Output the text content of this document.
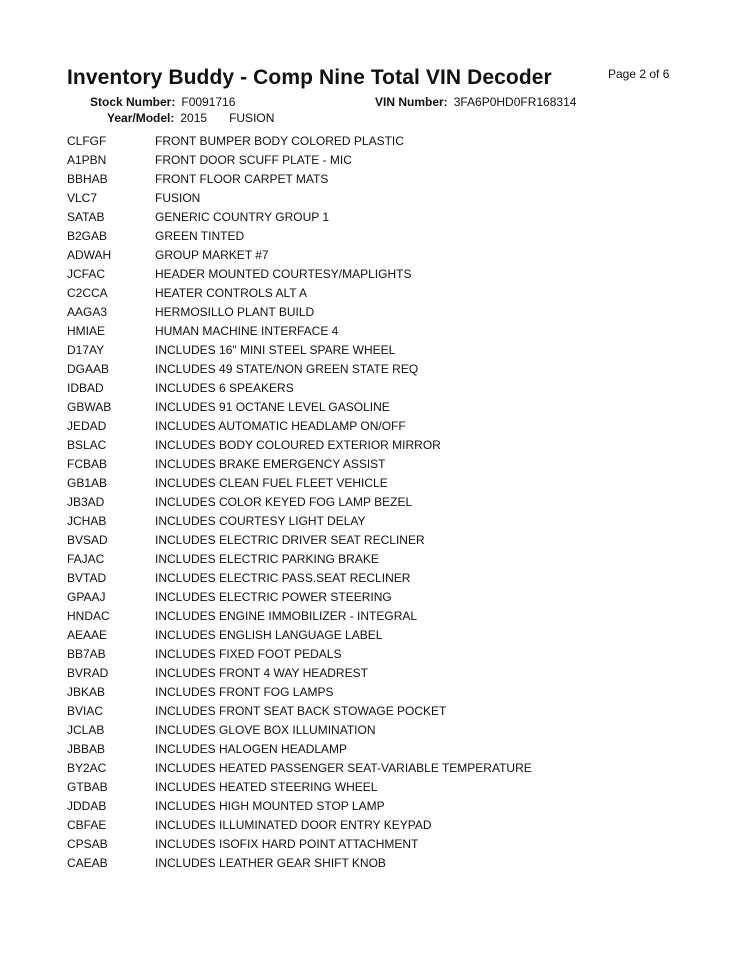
Inventory Buddy - Comp Nine Total VIN Decoder	Page 2 of 6
Stock Number: F0091716	VIN Number: 3FA6P0HD0FR168314
Year/Model: 2015 FUSION
CLFGF	FRONT BUMPER BODY COLORED PLASTIC
A1PBN	FRONT DOOR SCUFF PLATE - MIC
BBHAB	FRONT FLOOR CARPET MATS
VLC7	FUSION
SATAB	GENERIC COUNTRY GROUP 1
B2GAB	GREEN TINTED
ADWAH	GROUP MARKET #7
JCFAC	HEADER MOUNTED COURTESY/MAPLIGHTS
C2CCA	HEATER CONTROLS ALT A
AAGA3	HERMOSILLO PLANT BUILD
HMIAE	HUMAN MACHINE INTERFACE 4
D17AY	INCLUDES 16" MINI STEEL SPARE WHEEL
DGAAB	INCLUDES 49 STATE/NON GREEN STATE REQ
IDBAD	INCLUDES 6 SPEAKERS
GBWAB	INCLUDES 91 OCTANE LEVEL GASOLINE
JEDAD	INCLUDES AUTOMATIC HEADLAMP ON/OFF
BSLAC	INCLUDES BODY COLOURED EXTERIOR MIRROR
FCBAB	INCLUDES BRAKE EMERGENCY ASSIST
GB1AB	INCLUDES CLEAN FUEL FLEET VEHICLE
JB3AD	INCLUDES COLOR KEYED FOG LAMP BEZEL
JCHAB	INCLUDES COURTESY LIGHT DELAY
BVSAD	INCLUDES ELECTRIC DRIVER SEAT RECLINER
FAJAC	INCLUDES ELECTRIC PARKING BRAKE
BVTAD	INCLUDES ELECTRIC PASS.SEAT RECLINER
GPAAJ	INCLUDES ELECTRIC POWER STEERING
HNDAC	INCLUDES ENGINE IMMOBILIZER - INTEGRAL
AEAAE	INCLUDES ENGLISH LANGUAGE LABEL
BB7AB	INCLUDES FIXED FOOT PEDALS
BVRAD	INCLUDES FRONT 4 WAY HEADREST
JBKAB	INCLUDES FRONT FOG LAMPS
BVIAC	INCLUDES FRONT SEAT BACK STOWAGE POCKET
JCLAB	INCLUDES GLOVE BOX ILLUMINATION
JBBAB	INCLUDES HALOGEN HEADLAMP
BY2AC	INCLUDES HEATED PASSENGER SEAT-VARIABLE TEMPERATURE
GTBAB	INCLUDES HEATED STEERING WHEEL
JDDAB	INCLUDES HIGH MOUNTED STOP LAMP
CBFAE	INCLUDES ILLUMINATED DOOR ENTRY KEYPAD
CPSAB	INCLUDES ISOFIX HARD POINT ATTACHMENT
CAEAB	INCLUDES LEATHER GEAR SHIFT KNOB
